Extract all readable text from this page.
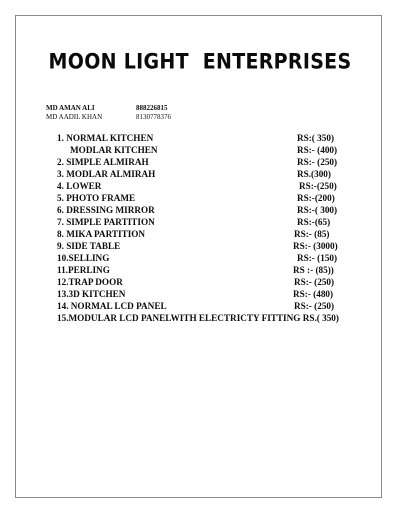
MOON LIGHT  ENTERPRISES
MD AMAN ALI	888226815
MD AADIL KHAN	8130778376
1. NORMAL KITCHEN	RS:( 350)
MODLAR KITCHEN	RS:- (400)
2. SIMPLE ALMIRAH	RS:- (250)
3. MODLAR ALMIRAH	RS.(300)
4. LOWER	RS:-(250)
5. PHOTO FRAME	RS:-(200)
6. DRESSING MIRROR	RS:-( 300)
7. SIMPLE PARTITION	RS:-(65)
8. MIKA PARTITION	RS:- (85)
9. SIDE TABLE	RS:- (3000)
10.SELLING	RS:- (150)
11.PERLING	RS :- (85))
12.TRAP DOOR	RS:- (250)
13.3D KITCHEN	RS:- (480)
14. NORMAL LCD PANEL	RS:- (250)
15.MODULAR LCD PANELWITH ELECTRICTY FITTING RS.( 350)
